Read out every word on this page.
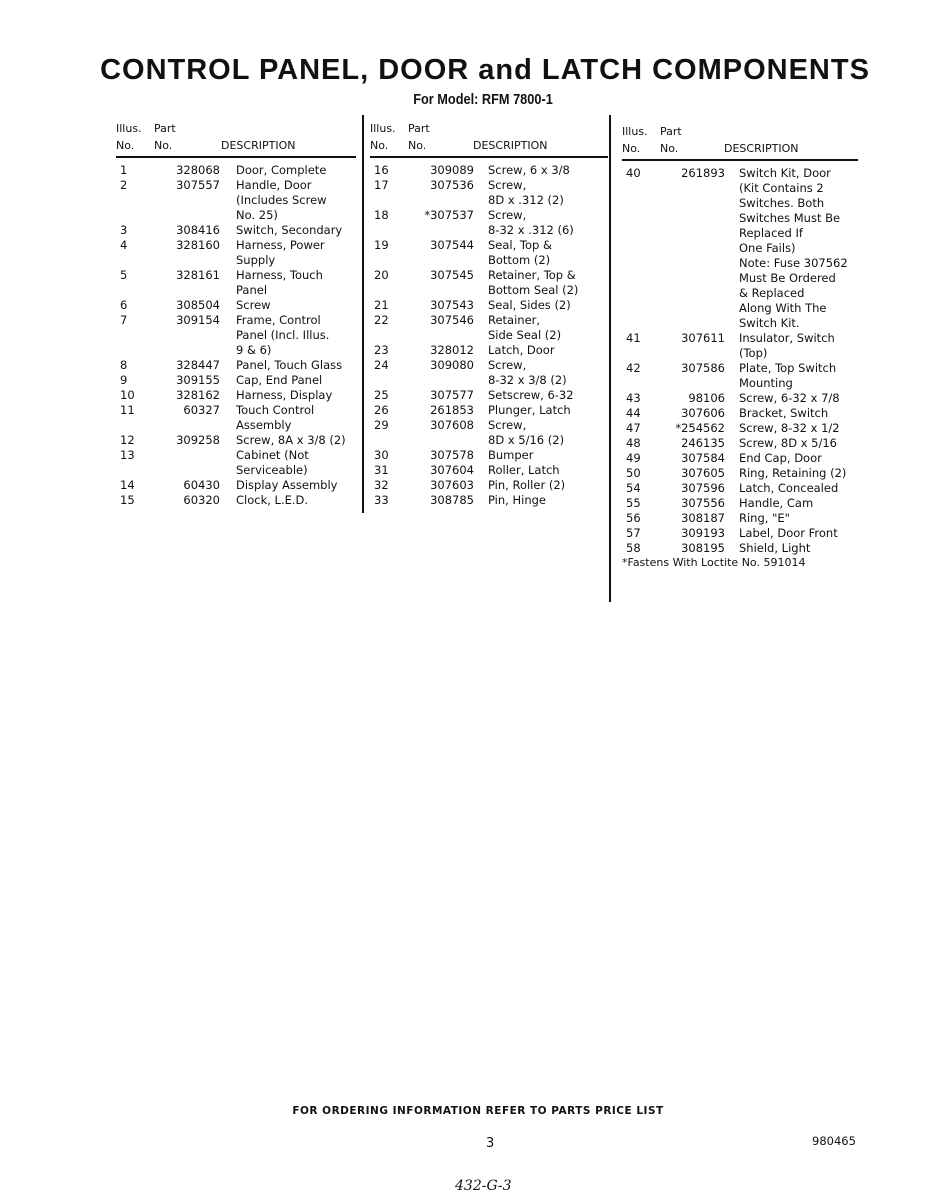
CONTROL PANEL, DOOR and LATCH COMPONENTS
For Model: RFM 7800-1
Illus. Part
No. No.	DESCRIPTION
1	328068 Door, Complete
2	307557 Handle, Door
(Includes Screw
No. 25)
3	308416 Switch, Secondary
4	328160 Harness, Power
Supply
5	328161 Harness, Touch
Panel
6	308504 Screw
7	309154 Frame, Control
Panel (Incl. Illus.
9 & 6)
8	328447 Panel, Touch Glass
9	309155 Cap, End Panel
10	328162 Harness, Display
11	60327 Touch Control
Assembly
12	309258 Screw, 8A x 3/8 (2)
13	Cabinet (Not
Serviceable)
14	60430 Display Assembly
15	60320 Clock, L.E.D.
Illus. Part
No. No.	DESCRIPTION
16	309089 Screw, 6 x 3/8
17	307536 Screw,
8D x .312 (2)
18	*307537 Screw,
8-32 x .312 (6)
19	307544 Seal, Top &
Bottom (2)
20	307545 Retainer, Top &
Bottom Seal (2)
21	307543 Seal, Sides (2)
22	307546 Retainer,
Side Seal (2)
23	328012 Latch, Door
24	309080 Screw,
8-32 x 3/8 (2)
25	307577 Setscrew, 6-32
26	261853 Plunger, Latch
29	307608 Screw,
8D x 5/16 (2)
30	307578 Bumper
31	307604 Roller, Latch
32	307603 Pin, Roller (2)
33	308785 Pin, Hinge
Illus. Part
No. No.	DESCRIPTION
40	261893 Switch Kit, Door
(Kit Contains 2
Switches. Both
Switches Must Be
Replaced If
One Fails)
Note: Fuse 307562
Must Be Ordered
& Replaced
Along With The
Switch Kit.
41	307611 Insulator, Switch
(Top)
42	307586 Plate, Top Switch
Mounting
43	98106 Screw, 6-32 x 7/8
44	307606 Bracket, Switch
47	*254562 Screw, 8-32 x 1/2
48	246135 Screw, 8D x 5/16
49	307584 End Cap, Door
50	307605 Ring, Retaining (2)
54	307596 Latch, Concealed
55	307556 Handle, Cam
56	308187 Ring, "E"
57	309193 Label, Door Front
58	308195 Shield, Light
*Fastens With Loctite No. 591014
FOR ORDERING INFORMATION REFER TO PARTS PRICE LIST
3	980465
432-G-3
